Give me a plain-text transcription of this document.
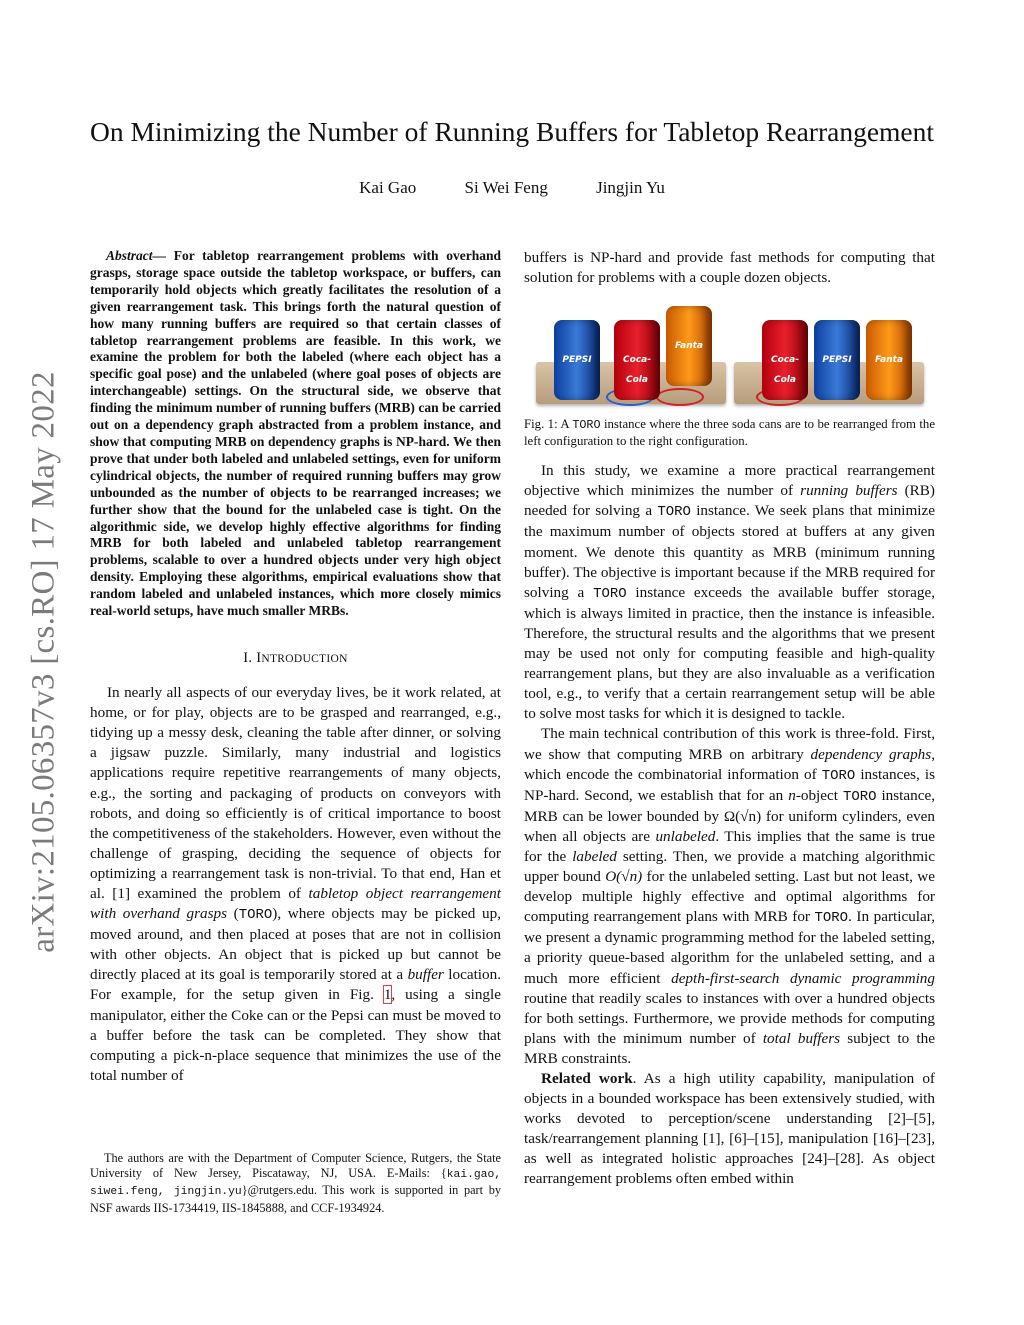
arXiv:2105.06357v3 [cs.RO] 17 May 2022
On Minimizing the Number of Running Buffers for Tabletop Rearrangement
Kai Gao	Si Wei Feng	Jingjin Yu

Abstract— For tabletop rearrangement problems with overhand grasps, storage space outside the tabletop workspace, or buffers, can temporarily hold objects which greatly facilitates the resolution of a given rearrangement task. This brings forth the natural question of how many running buffers are required so that certain classes of tabletop rearrangement problems are feasible. In this work, we examine the problem for both the labeled (where each object has a specific goal pose) and the unlabeled (where goal poses of objects are interchangeable) settings. On the structural side, we observe that finding the minimum number of running buffers (MRB) can be carried out on a dependency graph abstracted from a problem instance, and show that computing MRB on dependency graphs is NP-hard. We then prove that under both labeled and unlabeled settings, even for uniform cylindrical objects, the number of required running buffers may grow unbounded as the number of objects to be rearranged increases; we further show that the bound for the unlabeled case is tight. On the algorithmic side, we develop highly effective algorithms for finding MRB for both labeled and unlabeled tabletop rearrangement problems, scalable to over a hundred objects under very high object density. Employing these algorithms, empirical evaluations show that random labeled and unlabeled instances, which more closely mimics real-world setups, have much smaller MRBs.

I. INTRODUCTION

In nearly all aspects of our everyday lives, be it work related, at home, or for play, objects are to be grasped and rearranged, e.g., tidying up a messy desk, cleaning the table after dinner, or solving a jigsaw puzzle. Similarly, many industrial and logistics applications require repetitive rearrangements of many objects, e.g., the sorting and packaging of products on conveyors with robots, and doing so efficiently is of critical importance to boost the competitiveness of the stakeholders. However, even without the challenge of grasping, deciding the sequence of objects for optimizing a rearrangement task is non-trivial. To that end, Han et al. [1] examined the problem of tabletop object rearrangement with overhand grasps (TORO), where objects may be picked up, moved around, and then placed at poses that are not in collision with other objects. An object that is picked up but cannot be directly placed at its goal is temporarily stored at a buffer location. For example, for the setup given in Fig. 1, using a single manipulator, either the Coke can or the Pepsi can must be moved to a buffer before the task can be completed. They show that computing a pick-n-place sequence that minimizes the use of the total number of

The authors are with the Department of Computer Science, Rutgers, the State University of New Jersey, Piscataway, NJ, USA. E-Mails: {kai.gao, siwei.feng, jingjin.yu}@rutgers.edu. This work is supported in part by NSF awards IIS-1734419, IIS-1845888, and CCF-1934924.

buffers is NP-hard and provide fast methods for computing that solution for problems with a couple dozen objects.

PEPSI	Coca-Cola
Fanta
Coca-Cola
PEPSI	Fanta
Fig. 1: A TORO instance where the three soda cans are to be rearranged from the left configuration to the right configuration.

In this study, we examine a more practical rearrangement objective which minimizes the number of running buffers (RB) needed for solving a TORO instance. We seek plans that minimize the maximum number of objects stored at buffers at any given moment. We denote this quantity as MRB (minimum running buffer). The objective is important because if the MRB required for solving a TORO instance exceeds the available buffer storage, which is always limited in practice, then the instance is infeasible. Therefore, the structural results and the algorithms that we present may be used not only for computing feasible and high-quality rearrangement plans, but they are also invaluable as a verification tool, e.g., to verify that a certain rearrangement setup will be able to solve most tasks for which it is designed to tackle.

The main technical contribution of this work is three-fold. First, we show that computing MRB on arbitrary dependency graphs, which encode the combinatorial information of TORO instances, is NP-hard. Second, we establish that for an n-object TORO instance, MRB can be lower bounded by Ω(√n) for uniform cylinders, even when all objects are unlabeled. This implies that the same is true for the labeled setting. Then, we provide a matching algorithmic upper bound O(√n) for the unlabeled setting. Last but not least, we develop multiple highly effective and optimal algorithms for computing rearrangement plans with MRB for TORO. In particular, we present a dynamic programming method for the labeled setting, a priority queue-based algorithm for the unlabeled setting, and a much more efficient depth-first-search dynamic programming routine that readily scales to instances with over a hundred objects for both settings. Furthermore, we provide methods for computing plans with the minimum number of total buffers subject to the MRB constraints.

Related work. As a high utility capability, manipulation of objects in a bounded workspace has been extensively studied, with works devoted to perception/scene understanding [2]–[5], task/rearrangement planning [1], [6]–[15], manipulation [16]–[23], as well as integrated holistic approaches [24]–[28]. As object rearrangement problems often embed within
